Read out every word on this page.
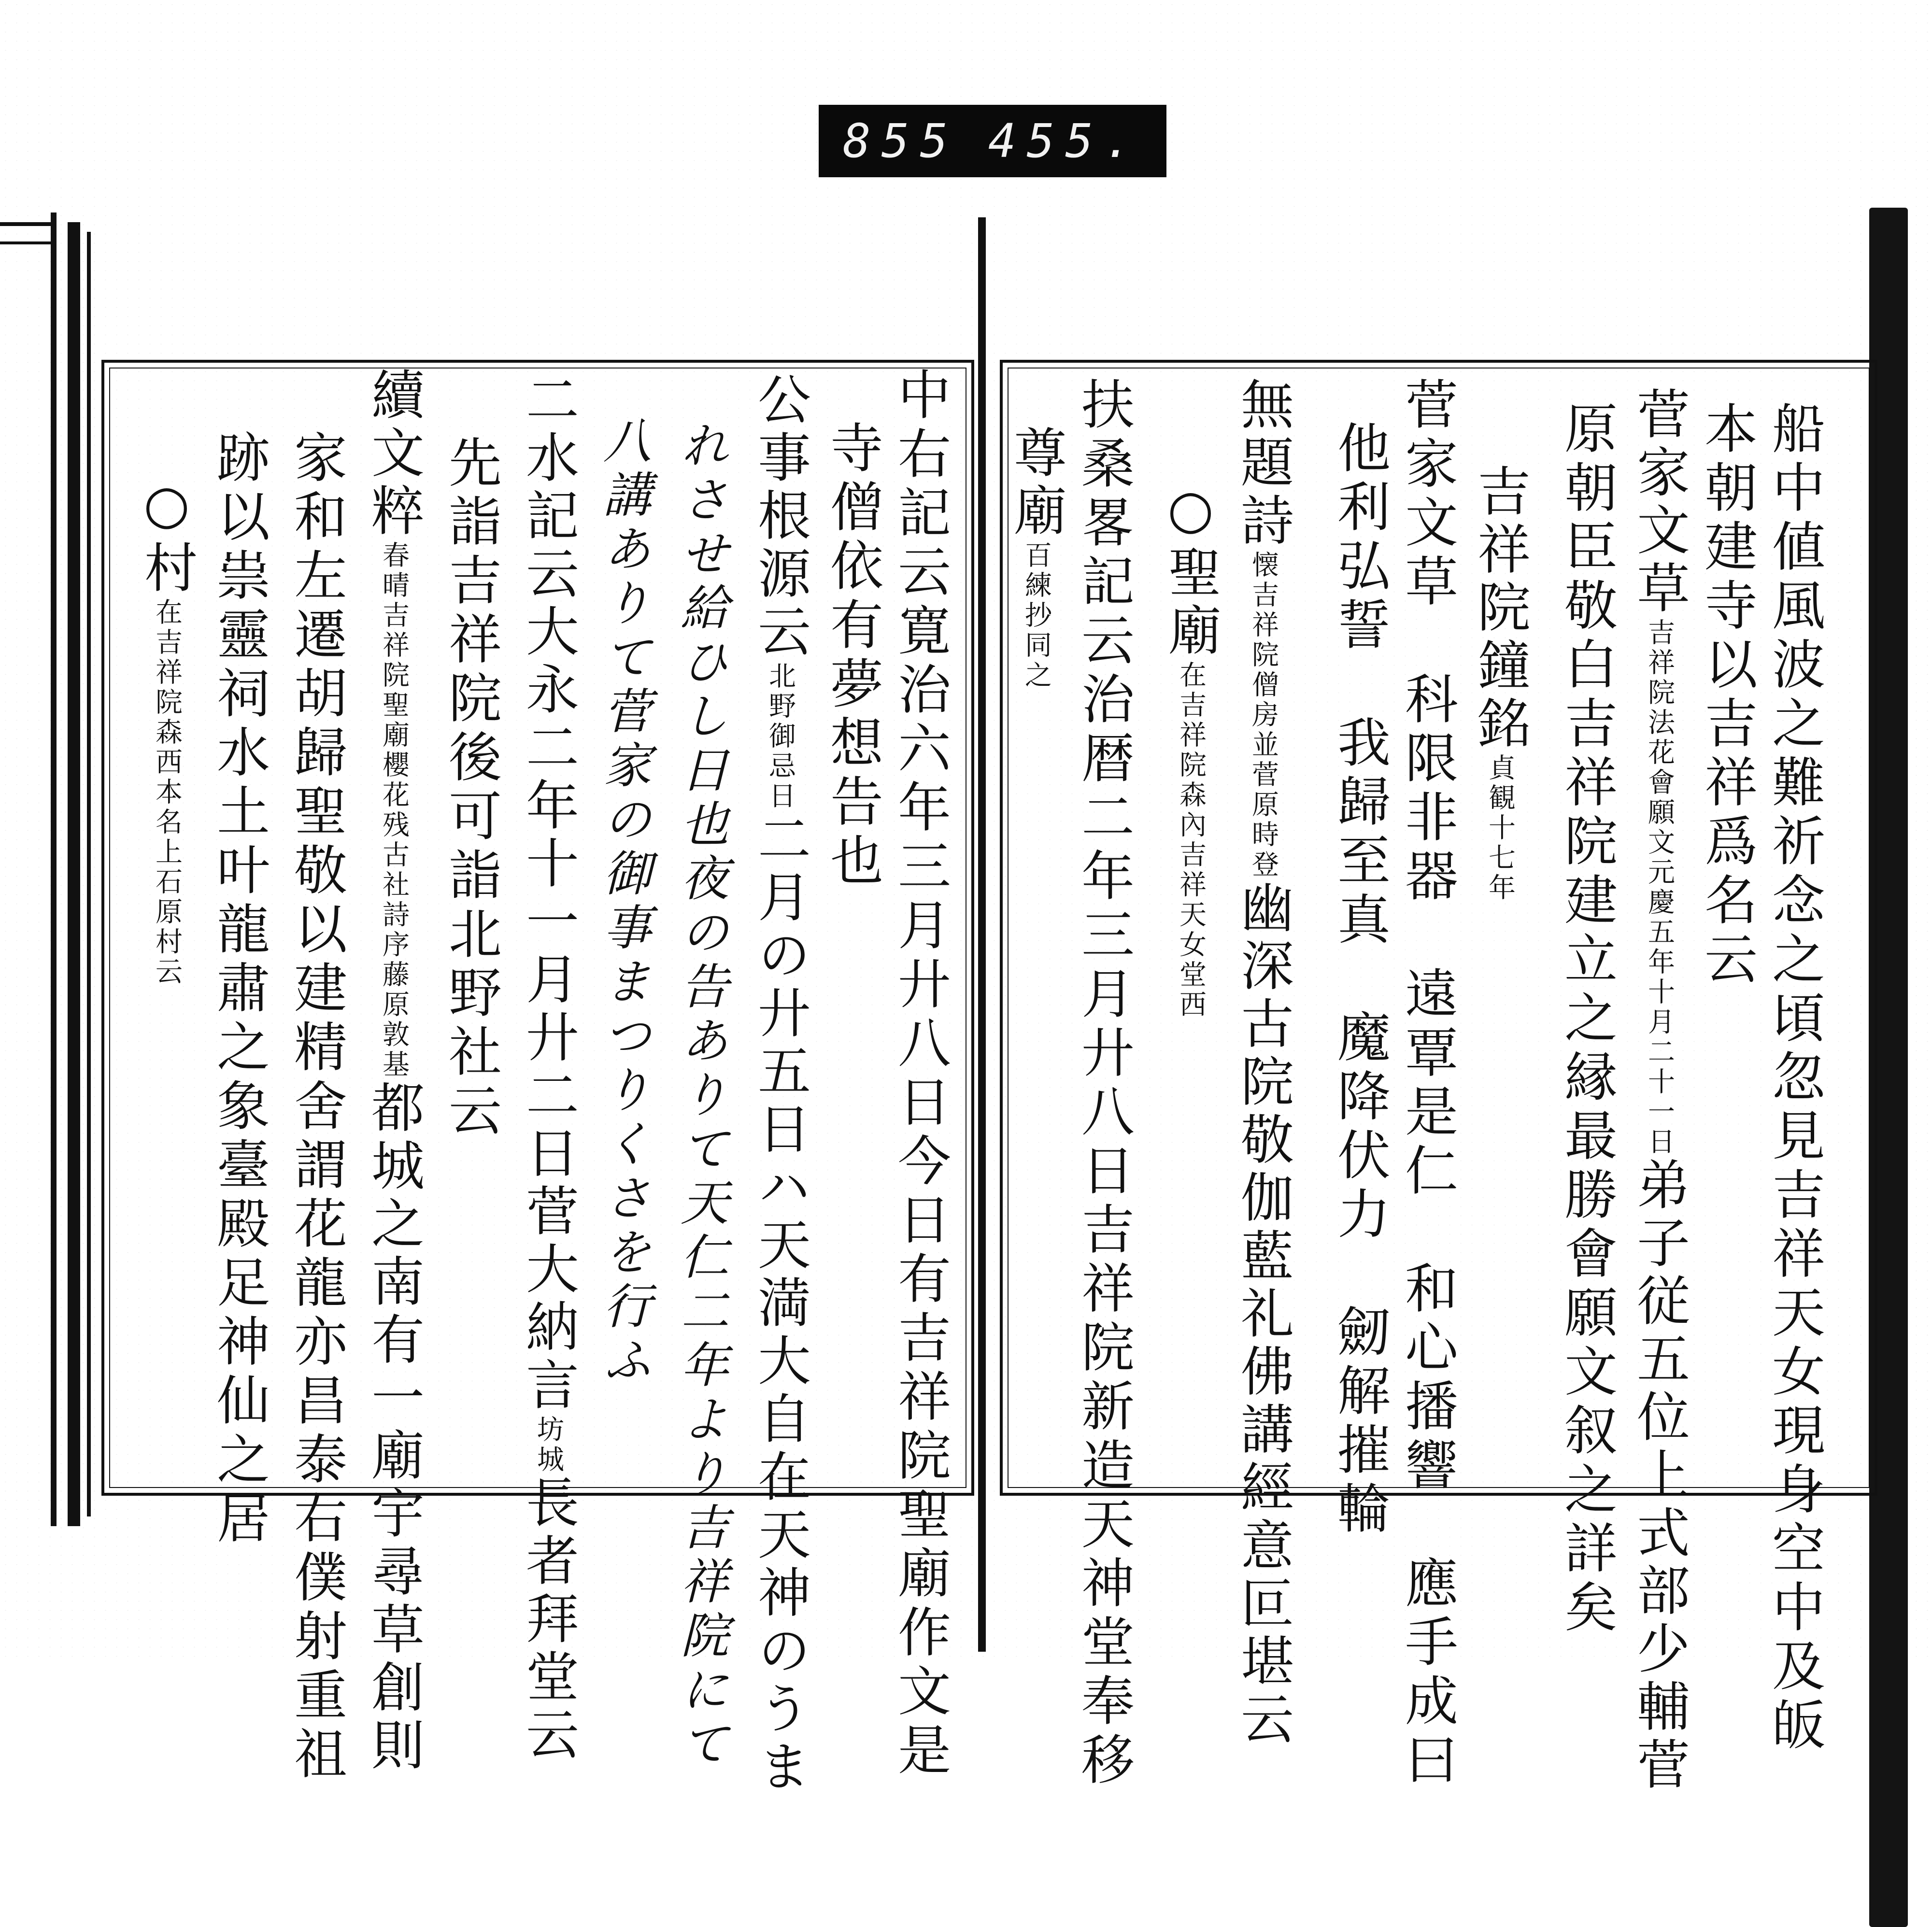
855 455.
船中値風波之難祈念之頃忽見吉祥天女現身空中及皈
本朝建寺以吉祥爲名云
菅家文草吉祥院法花會願文元慶五年十月二十一日弟子従五位上式部少輔菅
原朝臣敬白吉祥院建立之縁最勝會願文叙之詳矣
吉祥院鐘銘貞観十七年
菅家文草　科限非器　遠覃是仁　和心播響　應手成曰
他利弘誓　我歸至真　魔降伏力　劒解摧輪
無題詩懐吉祥院僧房並菅原時登幽深古院敬伽藍礼佛講經意叵堪云
○聖廟在吉祥院森內吉祥天女堂西
扶桑畧記云治暦二年三月廾八日吉祥院新造天神堂奉移
尊廟百練抄同之
中右記云寛治六年三月廾八日今日有吉祥院聖廟作文是
寺僧依有夢想告也
公事根源云北野御忌日二月の廾五日ハ天満大自在天神のうま
れさせ給ひし日也夜の告ありて天仁二年より吉祥院にて
八講ありて菅家の御事まつりくさを行ふ
二水記云大永二年十一月廾二日菅大納言坊城長者拜堂云
先詣吉祥院後可詣北野社云
續文粹春晴吉祥院聖廟櫻花残古社詩序藤原敦基都城之南有一廟宇尋草創則
家和左遷胡歸聖敬以建精舍謂花龍亦昌泰右僕射重祖
跡以祟靈祠水土叶龍肅之象臺殿足神仙之居
○村在吉祥院森西本名上石原村云
